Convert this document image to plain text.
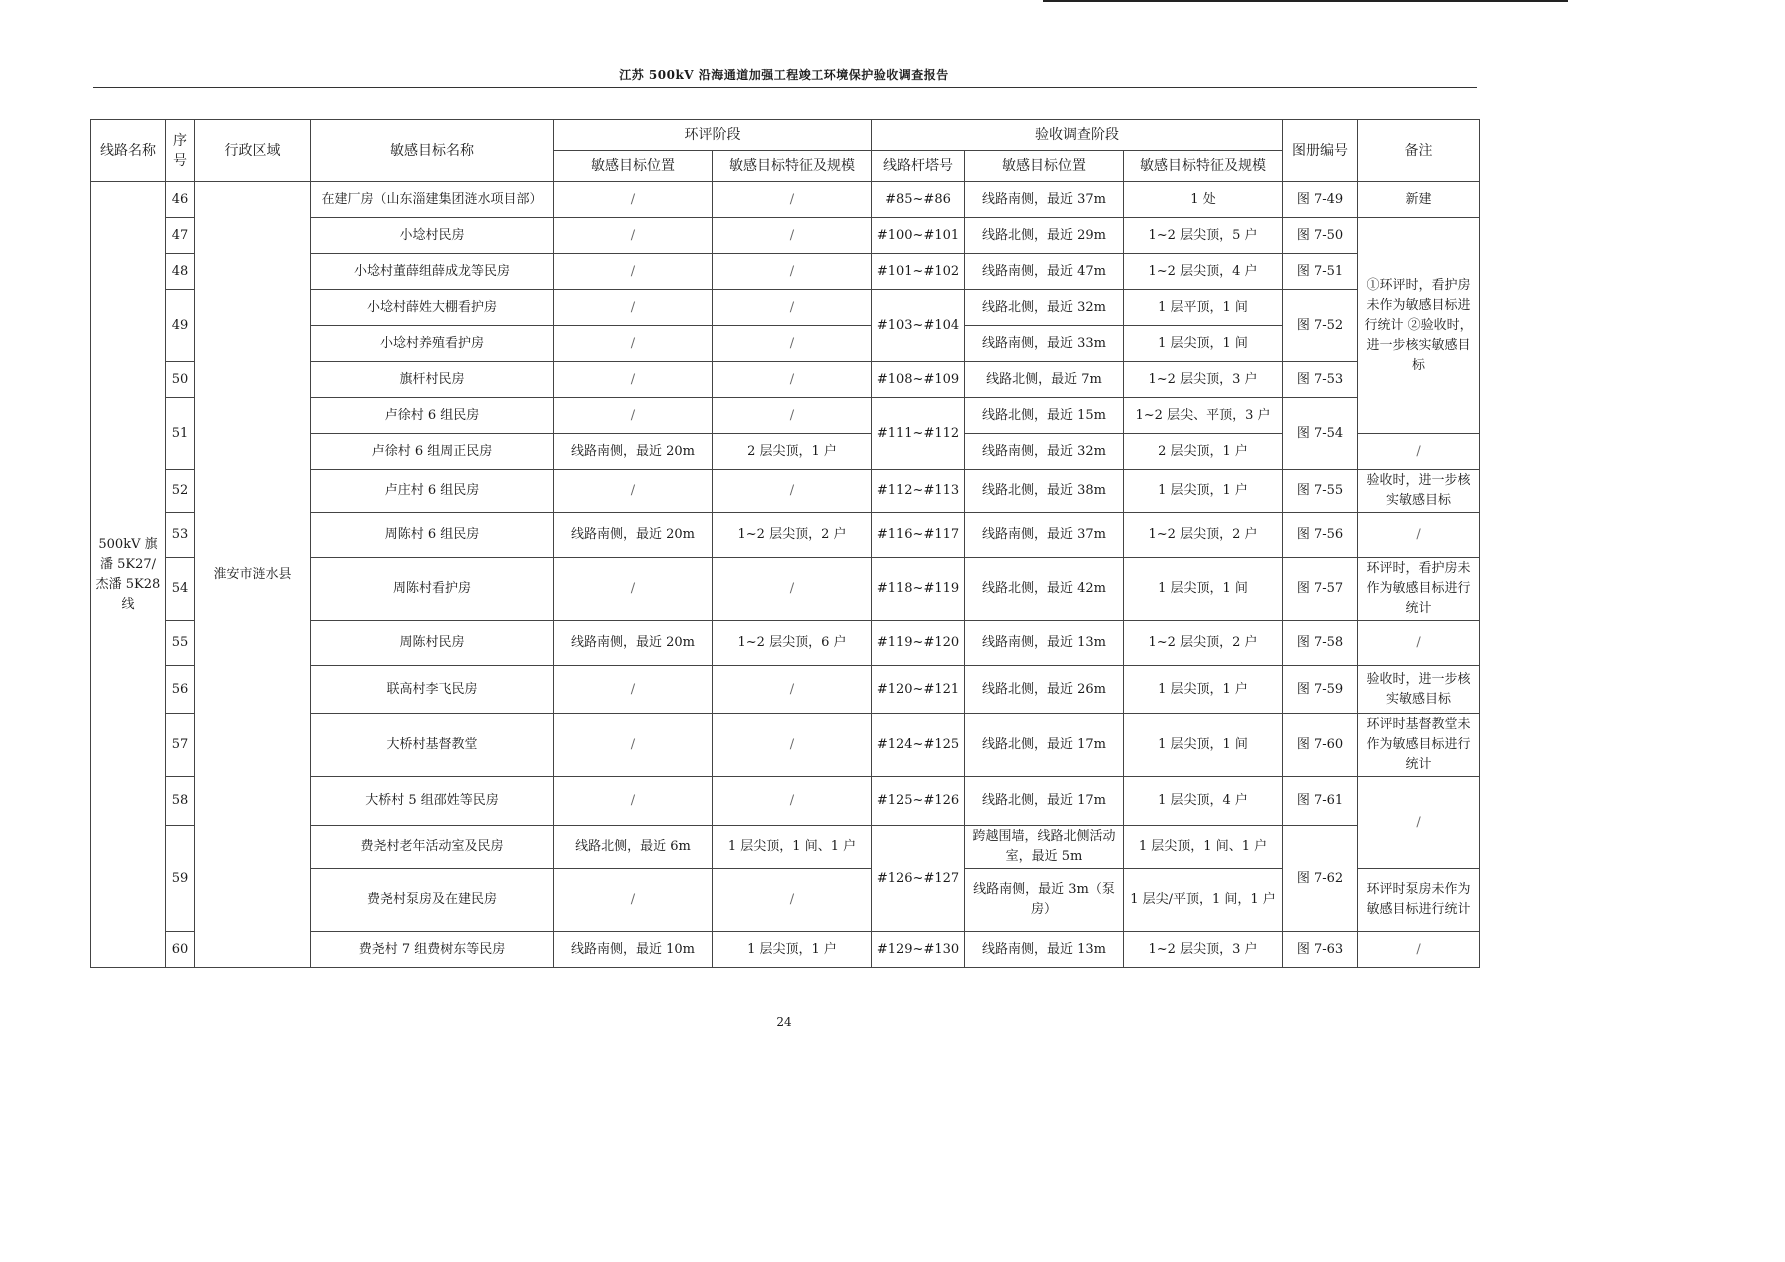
江苏 500kV 沿海通道加强工程竣工环境保护验收调查报告
线路名称	序号	行政区域	敏感目标名称	环评阶段		验收调查阶段			图册编号	备注
				敏感目标位置	敏感目标特征及规模	线路杆塔号	敏感目标位置	敏感目标特征及规模		
500kV 旗潘 5K27/杰潘 5K28 线	46	淮安市涟水县	在建厂房（山东淄建集团涟水项目部）	/	/	#85~#86	线路南侧，最近 37m	1 处	图 7-49	新建
	47		小埝村民房	/	/	#100~#101	线路北侧，最近 29m	1~2 层尖顶，5 户	图 7-50	①环评时，看护房未作为敏感目标进行统计 ②验收时，进一步核实敏感目标
	48		小埝村董薛组薛成龙等民房	/	/	#101~#102	线路南侧，最近 47m	1~2 层尖顶，4 户	图 7-51	
	49		小埝村薛姓大棚看护房	/	/	#103~#104	线路北侧，最近 32m	1 层平顶，1 间	图 7-52	
			小埝村养殖看护房	/	/		线路南侧，最近 33m	1 层尖顶，1 间		
	50		旗杆村民房	/	/	#108~#109	线路北侧，最近 7m	1~2 层尖顶，3 户	图 7-53	
	51		卢徐村 6 组民房	/	/	#111~#112	线路北侧，最近 15m	1~2 层尖、平顶，3 户	图 7-54	
			卢徐村 6 组周正民房	线路南侧，最近 20m	2 层尖顶，1 户		线路南侧，最近 32m	2 层尖顶，1 户		/
	52		卢庄村 6 组民房	/	/	#112~#113	线路北侧，最近 38m	1 层尖顶，1 户	图 7-55	验收时，进一步核实敏感目标
	53		周陈村 6 组民房	线路南侧，最近 20m	1~2 层尖顶，2 户	#116~#117	线路南侧，最近 37m	1~2 层尖顶，2 户	图 7-56	/
	54		周陈村看护房	/	/	#118~#119	线路北侧，最近 42m	1 层尖顶，1 间	图 7-57	环评时，看护房未作为敏感目标进行统计
	55		周陈村民房	线路南侧，最近 20m	1~2 层尖顶，6 户	#119~#120	线路南侧，最近 13m	1~2 层尖顶，2 户	图 7-58	/
	56		联高村李飞民房	/	/	#120~#121	线路北侧，最近 26m	1 层尖顶，1 户	图 7-59	验收时，进一步核实敏感目标
	57		大桥村基督教堂	/	/	#124~#125	线路北侧，最近 17m	1 层尖顶，1 间	图 7-60	环评时基督教堂未作为敏感目标进行统计
	58		大桥村 5 组邵姓等民房	/	/	#125~#126	线路北侧，最近 17m	1 层尖顶，4 户	图 7-61	/
	59		费尧村老年活动室及民房	线路北侧，最近 6m	1 层尖顶，1 间、1 户	#126~#127	跨越围墙，线路北侧活动室，最近 5m	1 层尖顶，1 间、1 户	图 7-62	
			费尧村泵房及在建民房	/	/		线路南侧，最近 3m（泵房）	1 层尖/平顶，1 间，1 户		环评时泵房未作为敏感目标进行统计
	60		费尧村 7 组费树东等民房	线路南侧，最近 10m	1 层尖顶，1 户	#129~#130	线路南侧，最近 13m	1~2 层尖顶，3 户	图 7-63	/
24
